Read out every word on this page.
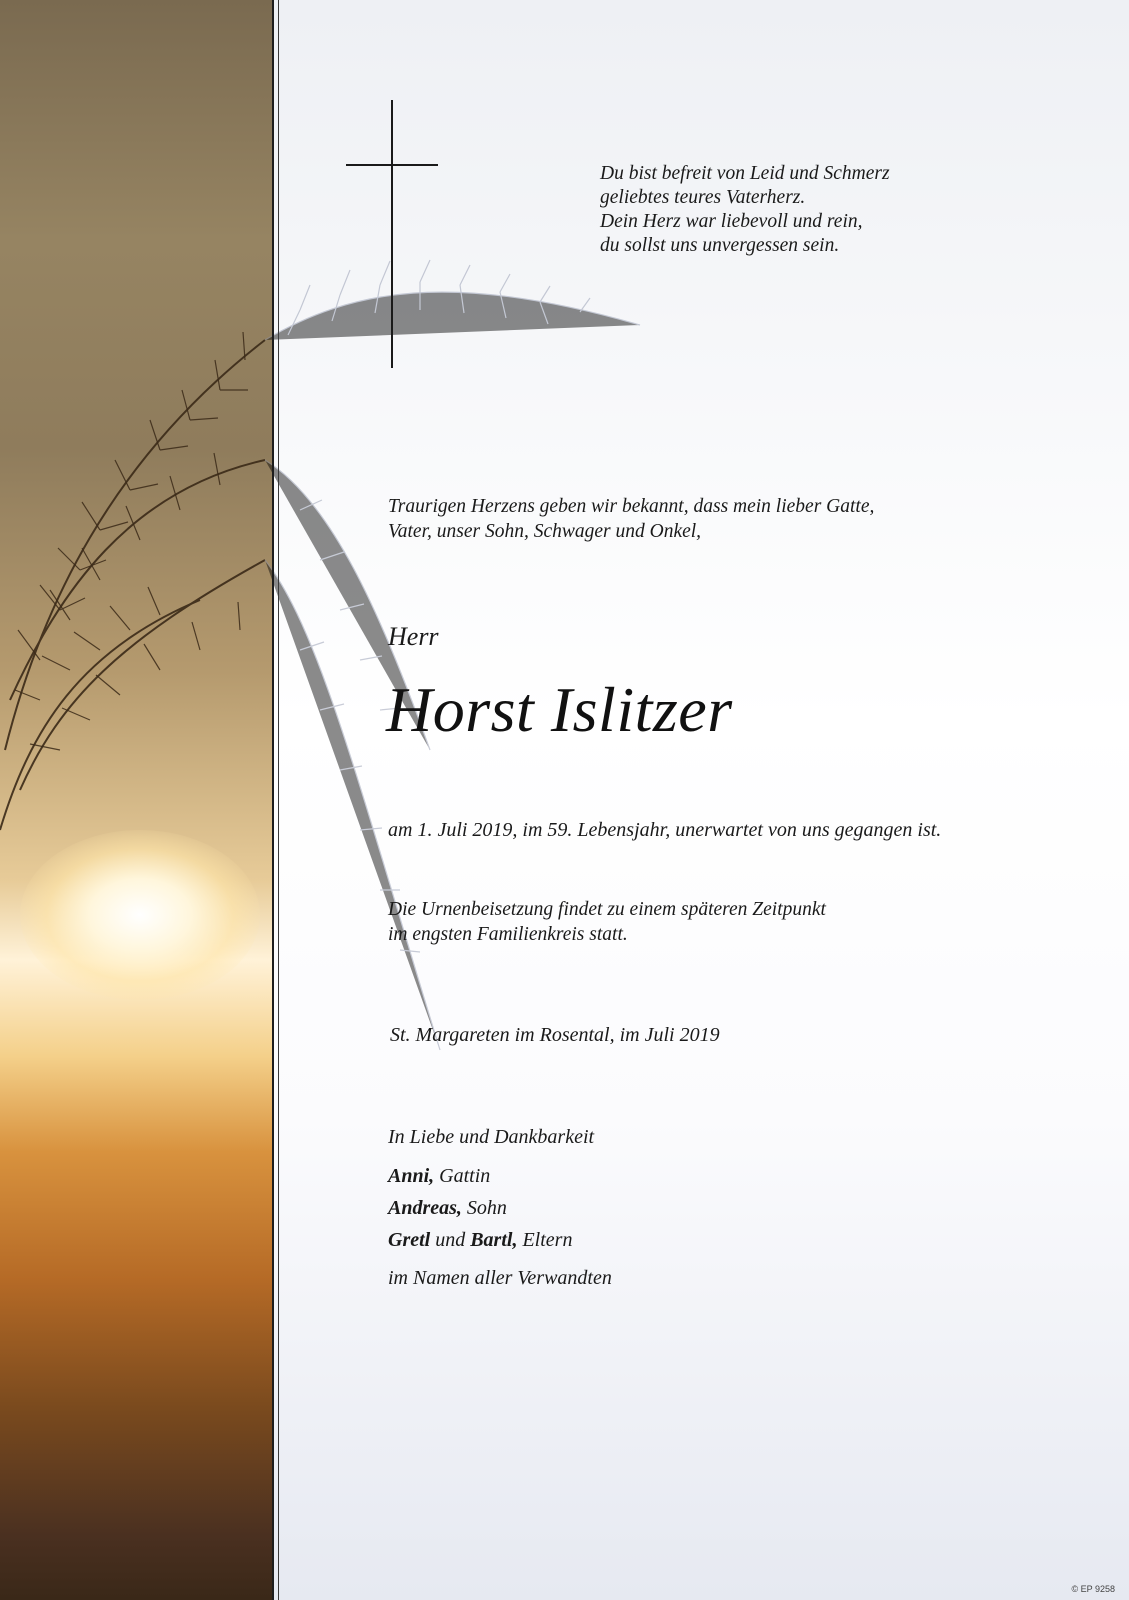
Du bist befreit von Leid und Schmerz
geliebtes teures Vaterherz.
Dein Herz war liebevoll und rein,
du sollst uns unvergessen sein.
Traurigen Herzens geben wir bekannt, dass mein lieber Gatte,
Vater, unser Sohn, Schwager und Onkel,
Herr
Horst Islitzer
am 1. Juli 2019, im 59. Lebensjahr, unerwartet von uns gegangen ist.
Die Urnenbeisetzung findet zu einem späteren Zeitpunkt
im engsten Familienkreis statt.
St. Margareten im Rosental, im Juli 2019
In Liebe und Dankbarkeit
Anni, Gattin
Andreas, Sohn
Gretl und Bartl, Eltern
im Namen aller Verwandten
© EP 9258
